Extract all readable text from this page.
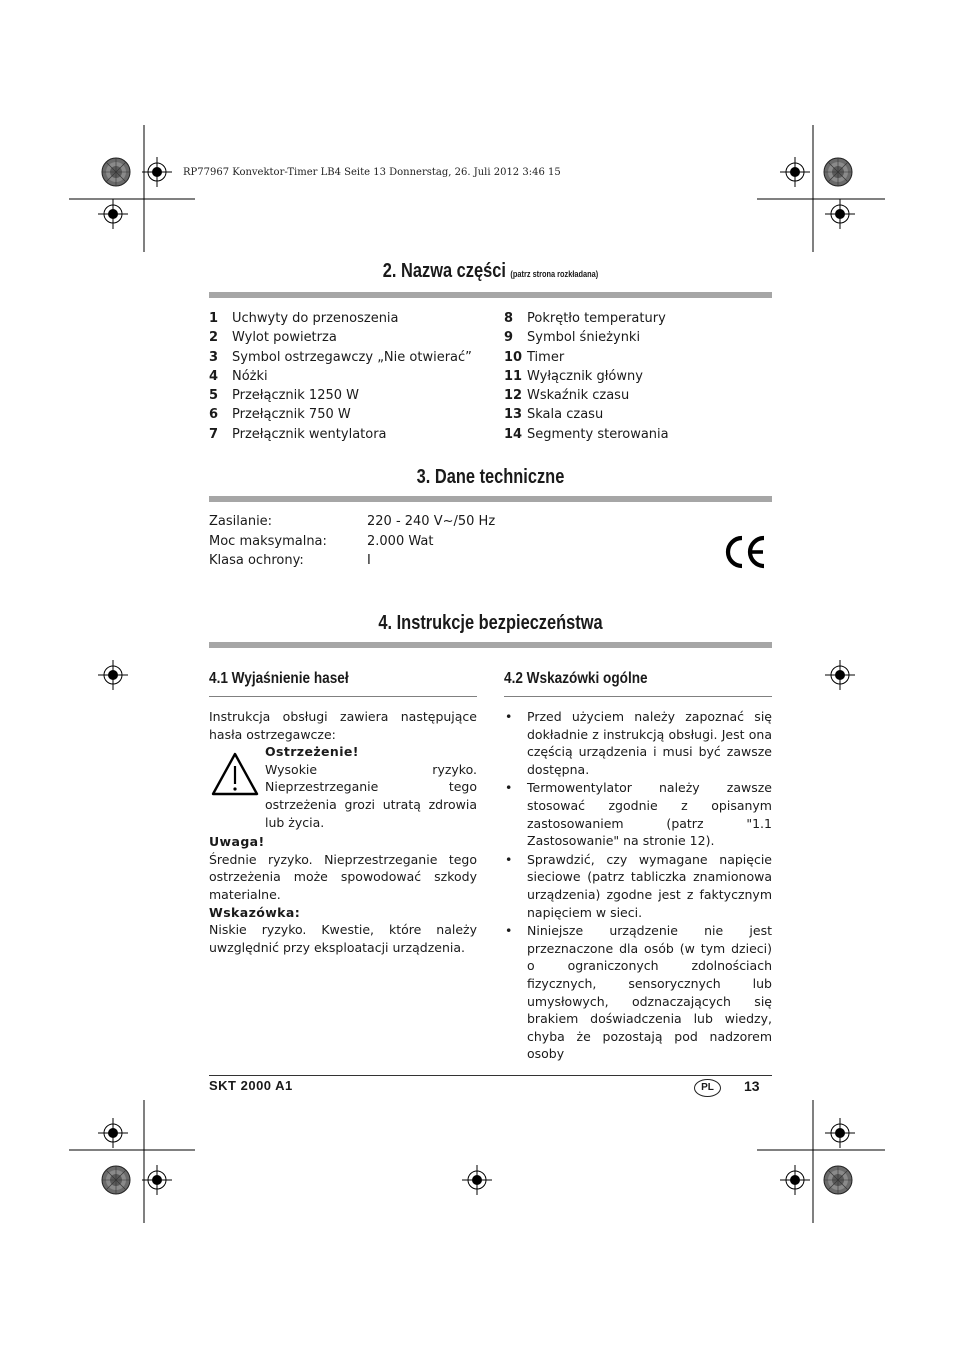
RP77967 Konvektor-Timer LB4 Seite 13 Donnerstag, 26. Juli 2012 3:46 15
2. Nazwa części (patrz strona rozkładana)
1 Uchwyty do przenoszenia
2 Wylot powietrza
3 Symbol ostrzegawczy „Nie otwierać”
4 Nóżki
5 Przełącznik 1250 W
6 Przełącznik 750 W
7 Przełącznik wentylatora
8 Pokrętło temperatury
9 Symbol śnieżynki
10 Timer
11 Wyłącznik główny
12 Wskaźnik czasu
13 Skala czasu
14 Segmenty sterowania
3. Dane techniczne
Zasilanie:
Moc maksymalna:
Klasa ochrony:
220 - 240 V~/50 Hz
2.000 Wat
I
4. Instrukcje bezpieczeństwa
4.1 Wyjaśnienie haseł
Instrukcja obsługi zawiera następujące hasła ostrzegawcze:
Ostrzeżenie!
Wysokie ryzyko. Nieprzestrzeganie tego ostrzeżenia grozi utratą zdrowia lub życia.
Uwaga!
Średnie ryzyko. Nieprzestrzeganie tego ostrzeżenia może spowodować szkody materialne.
Wskazówka:
Niskie ryzyko. Kwestie, które należy uwzględnić przy eksploatacji urządzenia.
4.2 Wskazówki ogólne
• Przed użyciem należy zapoznać się dokładnie z instrukcją obsługi. Jest ona częścią urządzenia i musi być zawsze dostępna.
• Termowentylator należy zawsze stosować zgodnie z opisanym zastosowaniem (patrz "1.1 Zastosowanie" na stronie 12).
• Sprawdzić, czy wymagane napięcie sieciowe (patrz tabliczka znamionowa urządzenia) zgodne jest z faktycznym napięciem w sieci.
• Niniejsze urządzenie nie jest przeznaczone dla osób (w tym dzieci) o ograniczonych zdolnościach fizycznych, sensorycznych lub umysłowych, odznaczających się brakiem doświadczenia lub wiedzy, chyba że pozostają pod nadzorem osoby
SKT 2000 A1	PL	13
